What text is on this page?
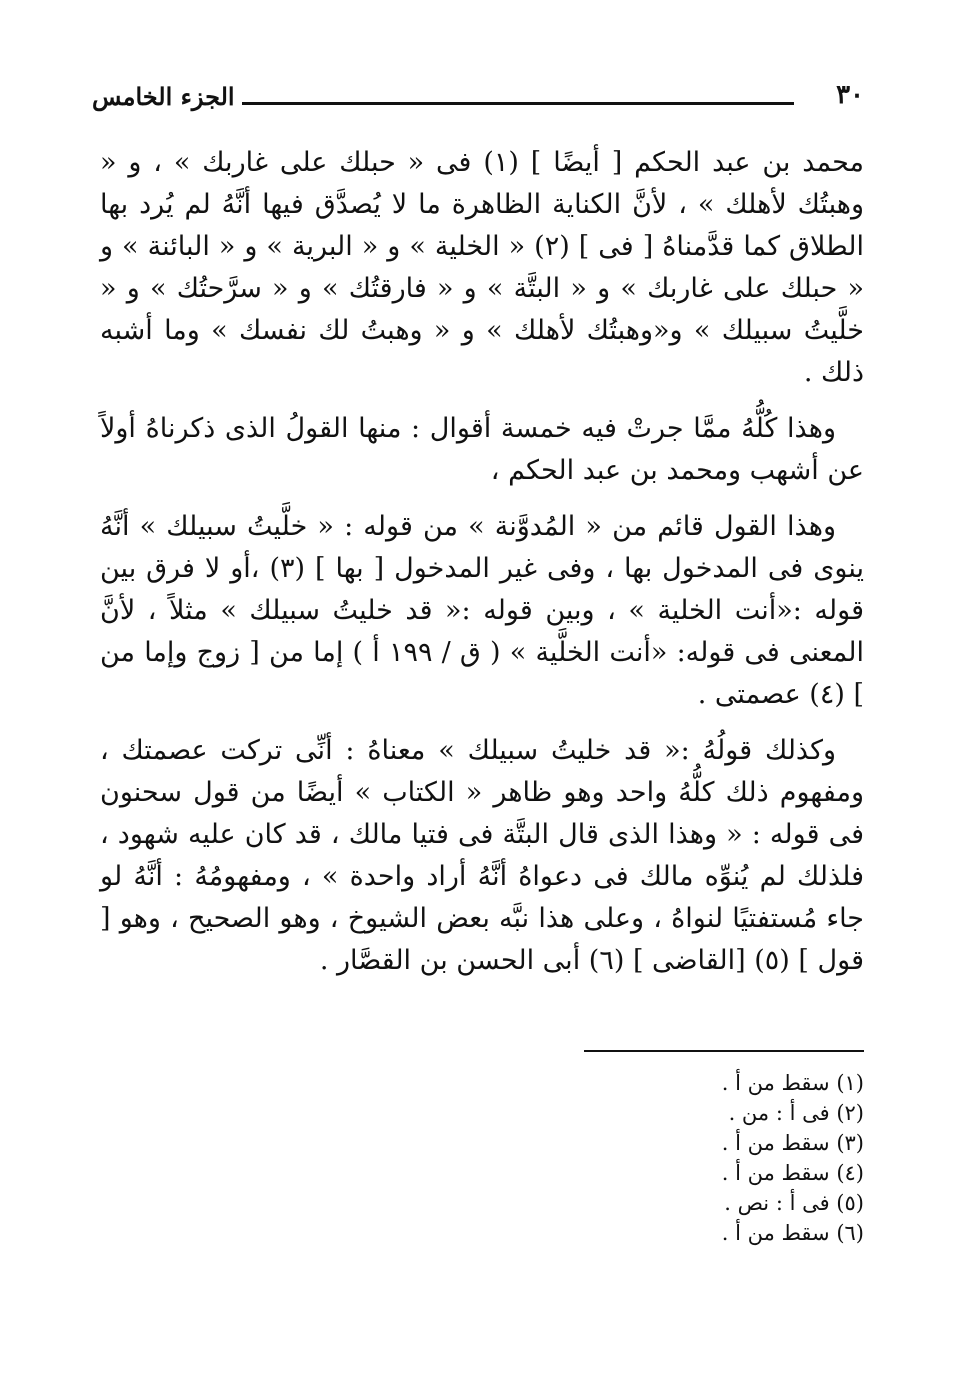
٣٠
الجزء الخامس

محمد بن عبد الحكم [ أيضًا ] (١) فى « حبلك على غاربك » ، و « وهبتُك لأهلك » ، لأنَّ الكناية الظاهرة ما لا يُصدَّق فيها أنَّهُ لم يُرد بها الطلاق كما قدَّمناهُ [ فى ] (٢) « الخلية » و « البرية » و « البائنة » و « حبلك على غاربك » و « البتَّة » و « فارقتُك » و « سرَّحتُك » و « خلَّيتُ سبيلك » و«وهبتُك لأهلك » و « وهبتُ لك نفسك » وما أشبه ذلك .

وهذا كُلُّهُ ممَّا جرتْ فيه خمسة أقوال : منها القولُ الذى ذكرناهُ أولاً عن أشهب ومحمد بن عبد الحكم ،

وهذا القول قائم من « المُدوَّنة » من قوله : « خلَّيتُ سبيلك » أنَّهُ ينوى فى المدخول بها ، وفى غير المدخول [ بها ] (٣) ،أو لا فرق بين قوله :«أنت الخلية » ، وبين قوله :« قد خليتُ سبيلك » مثلاً ، لأنَّ المعنى فى قوله: «أنت الخلَّية » ( ق / ١٩٩ أ ) إما من [ زوج وإما من ] (٤) عصمتى .

وكذلك قولُهُ :« قد خليتُ سبيلك » معناهُ : أنِّى تركت عصمتك ، ومفهوم ذلك كلُّهُ واحد وهو ظاهر « الكتاب » أيضًا من قول سحنون فى قوله : « وهذا الذى قال البتَّة فى فتيا مالك ، قد كان عليه شهود ، فلذلك لم يُنوِّه مالك فى دعواهُ أنَّهُ أراد واحدة » ، ومفهومُهُ : أنَّهُ لو جاء مُستفتيًا لنواهُ ، وعلى هذا نبَّه بعض الشيوخ ، وهو الصحيح ، وهو [ قول ] (٥) [القاضى ] (٦) أبى الحسن بن القصَّار .

(١) سقط من أ .
(٢) فى أ : من .
(٣) سقط من أ .
(٤) سقط من أ .
(٥) فى أ : نص .
(٦) سقط من أ .
